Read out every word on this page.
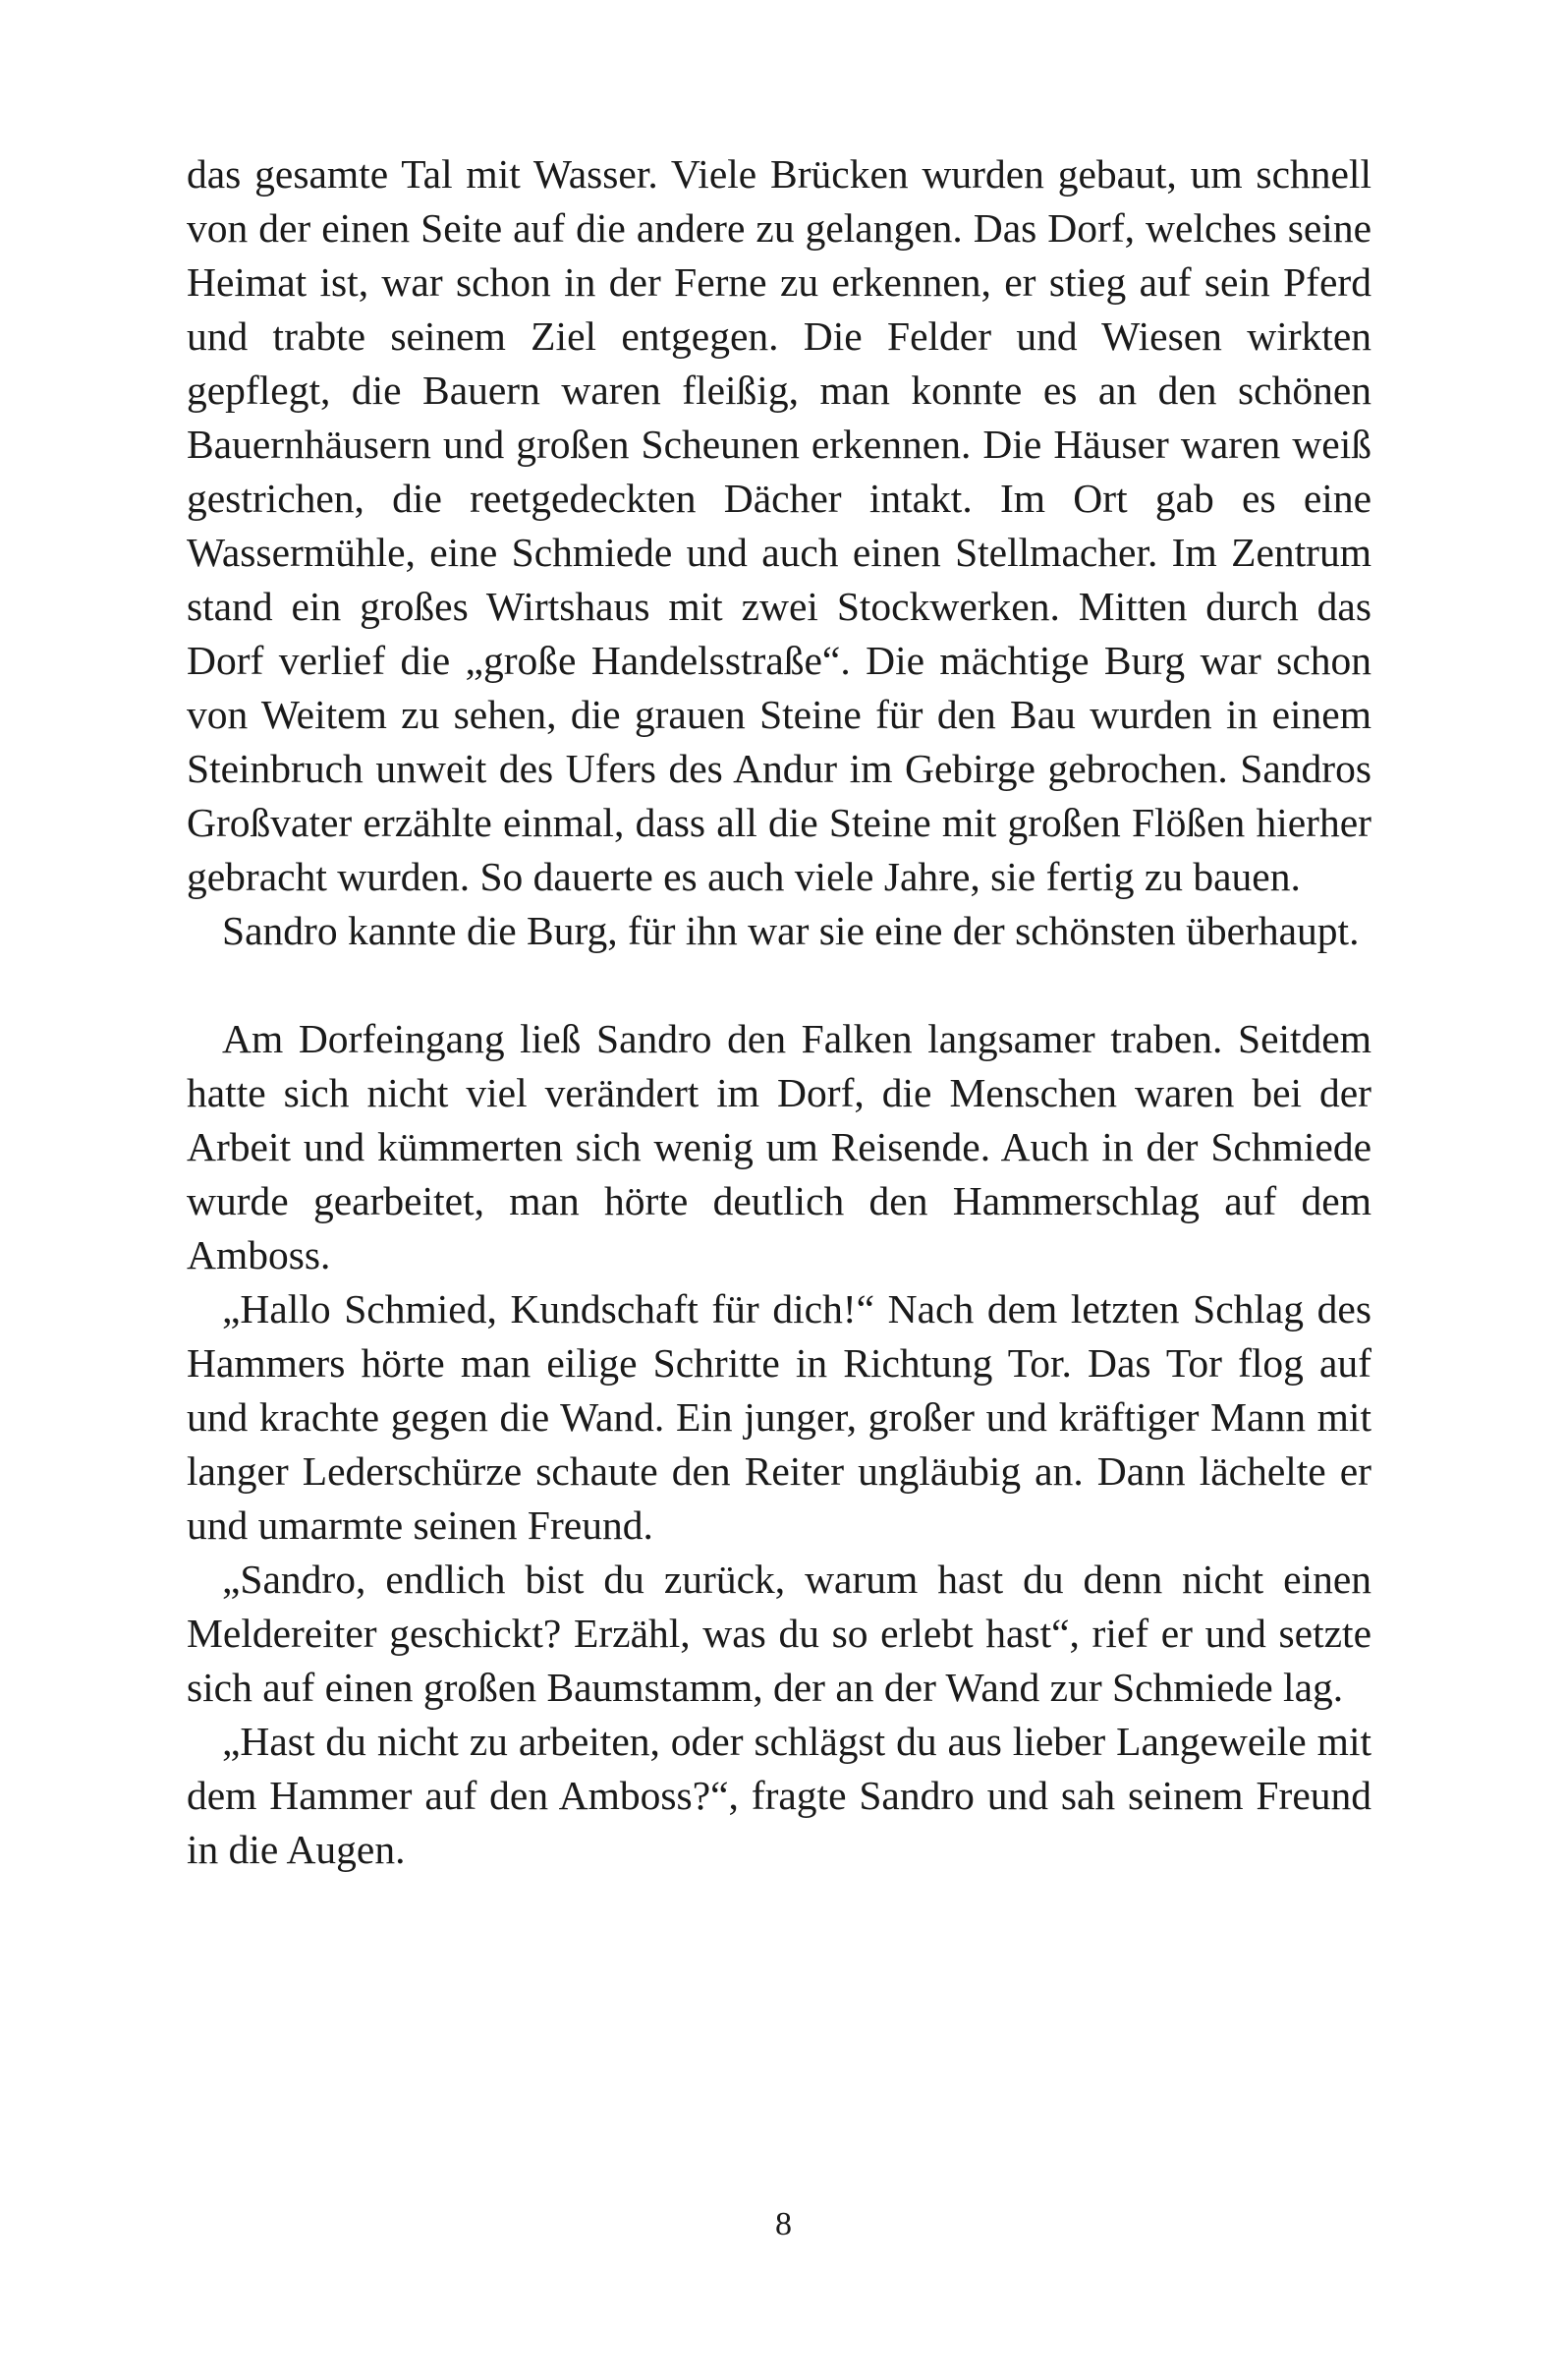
das gesamte Tal mit Wasser. Viele Brücken wurden gebaut, um schnell von der einen Seite auf die andere zu gelangen. Das Dorf, welches seine Heimat ist, war schon in der Ferne zu erkennen, er stieg auf sein Pferd und trabte seinem Ziel entgegen. Die Felder und Wiesen wirkten gepflegt, die Bauern waren fleißig, man konnte es an den schönen Bauernhäusern und großen Scheunen erkennen. Die Häuser waren weiß gestrichen, die reetgedeckten Dächer intakt. Im Ort gab es eine Wassermühle, eine Schmiede und auch einen Stellmacher. Im Zentrum stand ein großes Wirtshaus mit zwei Stockwerken. Mitten durch das Dorf verlief die „große Handelsstraße“. Die mächtige Burg war schon von Weitem zu sehen, die grauen Steine für den Bau wurden in einem Steinbruch unweit des Ufers des Andur im Gebirge gebrochen. Sandros Großvater erzählte einmal, dass all die Steine mit großen Flößen hierher gebracht wurden. So dauerte es auch viele Jahre, sie fertig zu bauen.

Sandro kannte die Burg, für ihn war sie eine der schönsten überhaupt.

Am Dorfeingang ließ Sandro den Falken langsamer traben. Seitdem hatte sich nicht viel verändert im Dorf, die Menschen waren bei der Arbeit und kümmerten sich wenig um Reisende. Auch in der Schmiede wurde gearbeitet, man hörte deutlich den Hammerschlag auf dem Amboss.

„Hallo Schmied, Kundschaft für dich!“ Nach dem letzten Schlag des Hammers hörte man eilige Schritte in Richtung Tor. Das Tor flog auf und krachte gegen die Wand. Ein junger, großer und kräftiger Mann mit langer Lederschürze schaute den Reiter ungläubig an. Dann lächelte er und umarmte seinen Freund.

„Sandro, endlich bist du zurück, warum hast du denn nicht einen Meldereiter geschickt? Erzähl, was du so erlebt hast“, rief er und setzte sich auf einen großen Baumstamm, der an der Wand zur Schmiede lag.

„Hast du nicht zu arbeiten, oder schlägst du aus lieber Langeweile mit dem Hammer auf den Amboss?“, fragte Sandro und sah seinem Freund in die Augen.

8
